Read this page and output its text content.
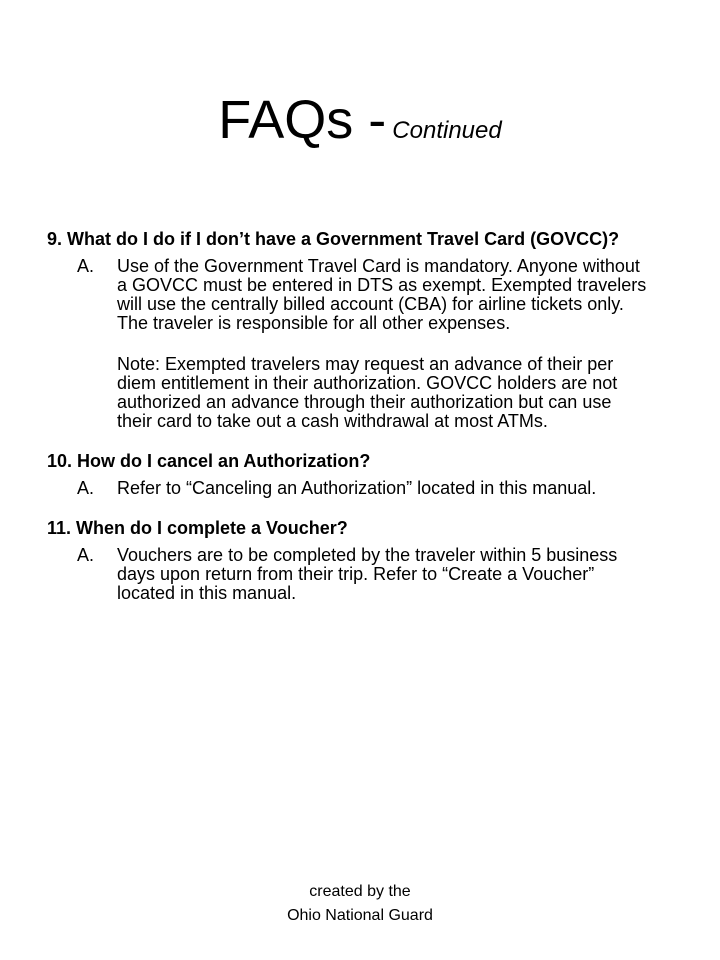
FAQs - Continued
9. What do I do if I don’t have a Government Travel Card (GOVCC)?
A.	Use of the Government Travel Card is mandatory. Anyone without a GOVCC must be entered in DTS as exempt. Exempted travelers will use the centrally billed account (CBA) for airline tickets only. The traveler is responsible for all other expenses.
Note: Exempted travelers may request an advance of their per diem entitlement in their authorization. GOVCC holders are not authorized an advance through their authorization but can use their card to take out a cash withdrawal at most ATMs.
10. How do I cancel an Authorization?
A.	Refer to “Canceling an Authorization” located in this manual.
11. When do I complete a Voucher?
A.	Vouchers are to be completed by the traveler within 5 business days upon return from their trip. Refer to “Create a Voucher” located in this manual.
created by the
Ohio National Guard
